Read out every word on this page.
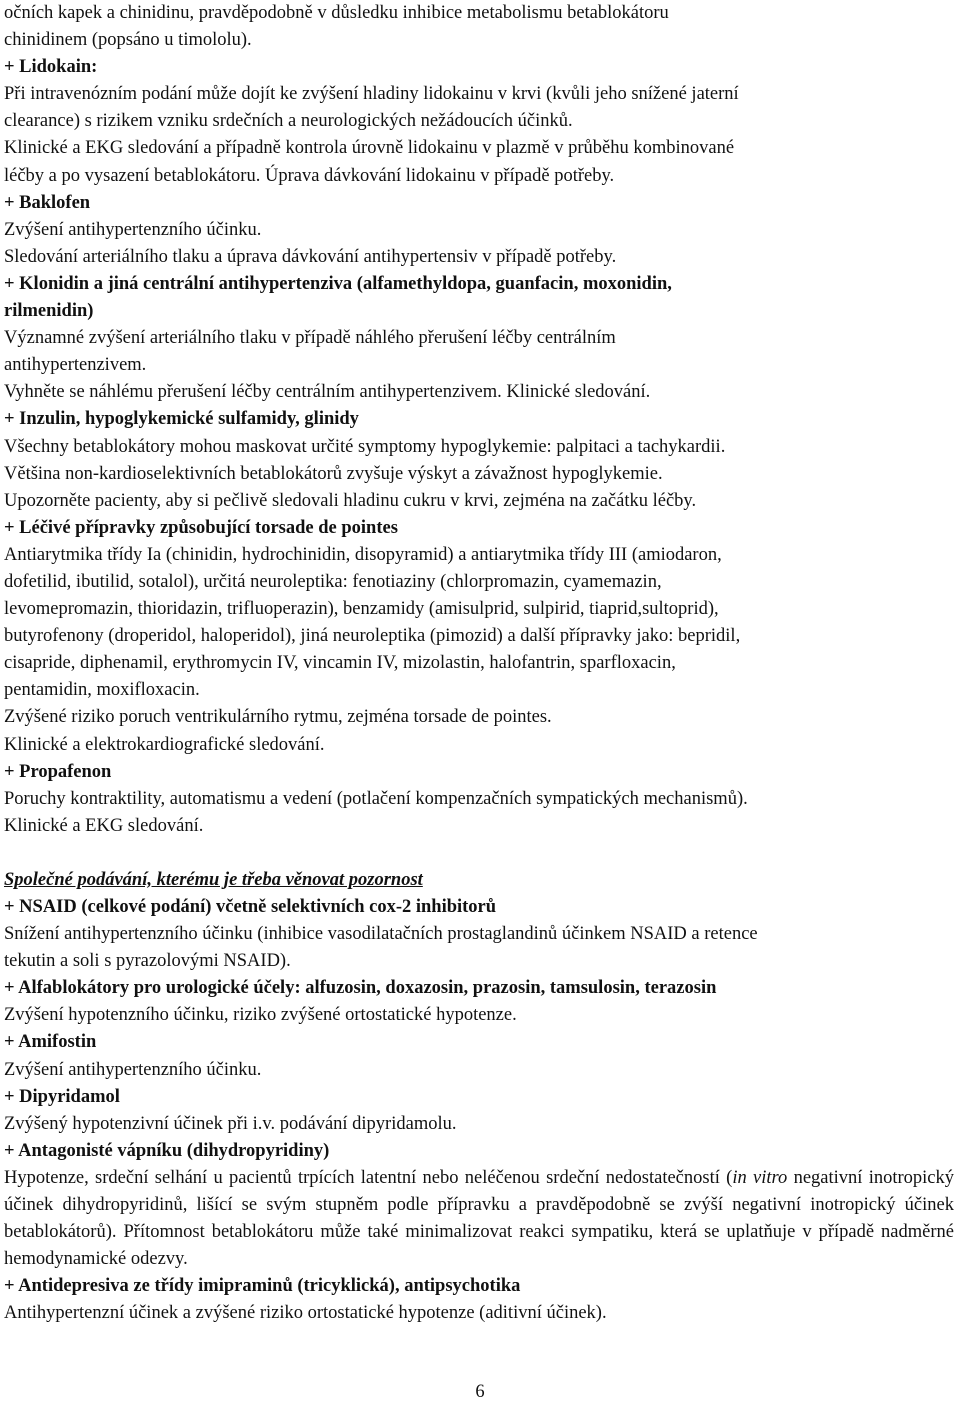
očních kapek a chinidinu, pravděpodobně v důsledku inhibice metabolismu betablokátoru
chinidinem (popsáno u timololu).
+ Lidokain:
Při intravenózním podání může dojít ke zvýšení hladiny lidokainu v krvi (kvůli jeho snížené jaterní
clearance) s rizikem vzniku srdečních a neurologických nežádoucích účinků.
Klinické a EKG sledování a případně kontrola úrovně lidokainu v plazmě v průběhu kombinované
léčby a po vysazení betablokátoru. Úprava dávkování lidokainu v případě potřeby.
+ Baklofen
Zvýšení antihypertenzního účinku.
Sledování arteriálního tlaku a úprava dávkování antihypertensiv v případě potřeby.
+ Klonidin a jiná centrální antihypertenziva (alfamethyldopa, guanfacin, moxonidin,
rilmenidin)
Významné zvýšení arteriálního tlaku v případě náhlého přerušení léčby centrálním
antihypertenzivem.
Vyhněte se náhlému přerušení léčby centrálním antihypertenzivem. Klinické sledování.
+ Inzulin, hypoglykemické sulfamidy, glinidy
Všechny betablokátory mohou maskovat určité symptomy hypoglykemie: palpitaci a tachykardii.
Většina non-kardioselektivních betablokátorů zvyšuje výskyt a závažnost hypoglykemie.
Upozorněte pacienty, aby si pečlivě sledovali hladinu cukru v krvi, zejména na začátku léčby.
+ Léčivé přípravky způsobující torsade de pointes
Antiarytmika třídy Ia (chinidin, hydrochinidin, disopyramid) a antiarytmika třídy III (amiodaron,
dofetilid, ibutilid, sotalol), určitá neuroleptika: fenotiaziny (chlorpromazin, cyamemazin,
levomepromazin, thioridazin, trifluoperazin), benzamidy (amisulprid, sulpirid, tiaprid,sultoprid),
butyrofenony (droperidol, haloperidol), jiná neuroleptika (pimozid) a další přípravky jako: bepridil,
cisapride, diphenamil, erythromycin IV, vincamin IV, mizolastin, halofantrin, sparfloxacin,
pentamidin, moxifloxacin.
Zvýšené riziko poruch ventrikulárního rytmu, zejména torsade de pointes.
Klinické a elektrokardiografické sledování.
+ Propafenon
Poruchy kontraktility, automatismu a vedení (potlačení kompenzačních sympatických mechanismů).
Klinické a EKG sledování.
Společné podávání, kterému je třeba věnovat pozornost
+ NSAID (celkové podání) včetně selektivních cox-2 inhibitorů
Snížení antihypertenzního účinku (inhibice vasodilatačních prostaglandinů účinkem NSAID a retence
tekutin a soli s pyrazolovými NSAID).
+ Alfablokátory pro urologické účely: alfuzosin, doxazosin, prazosin, tamsulosin, terazosin
Zvýšení hypotenzního účinku, riziko zvýšené ortostatické hypotenze.
+ Amifostin
Zvýšení antihypertenzního účinku.
+ Dipyridamol
Zvýšený hypotenzivní účinek při i.v. podávání dipyridamolu.
+ Antagonisté vápníku (dihydropyridiny)
Hypotenze, srdeční selhání u pacientů trpících latentní nebo neléčenou srdeční nedostatečností (in vitro negativní inotropický účinek dihydropyridinů, lišící se svým stupněm podle přípravku a pravděpodobně se zvýší negativní inotropický účinek betablokátorů). Přítomnost betablokátoru může také minimalizovat reakci sympatiku, která se uplatňuje v případě nadměrné hemodynamické odezvy.
+ Antidepresiva ze třídy imipraminů (tricyklická), antipsychotika
Antihypertenzní účinek a zvýšené riziko ortostatické hypotenze (aditivní účinek).
6
